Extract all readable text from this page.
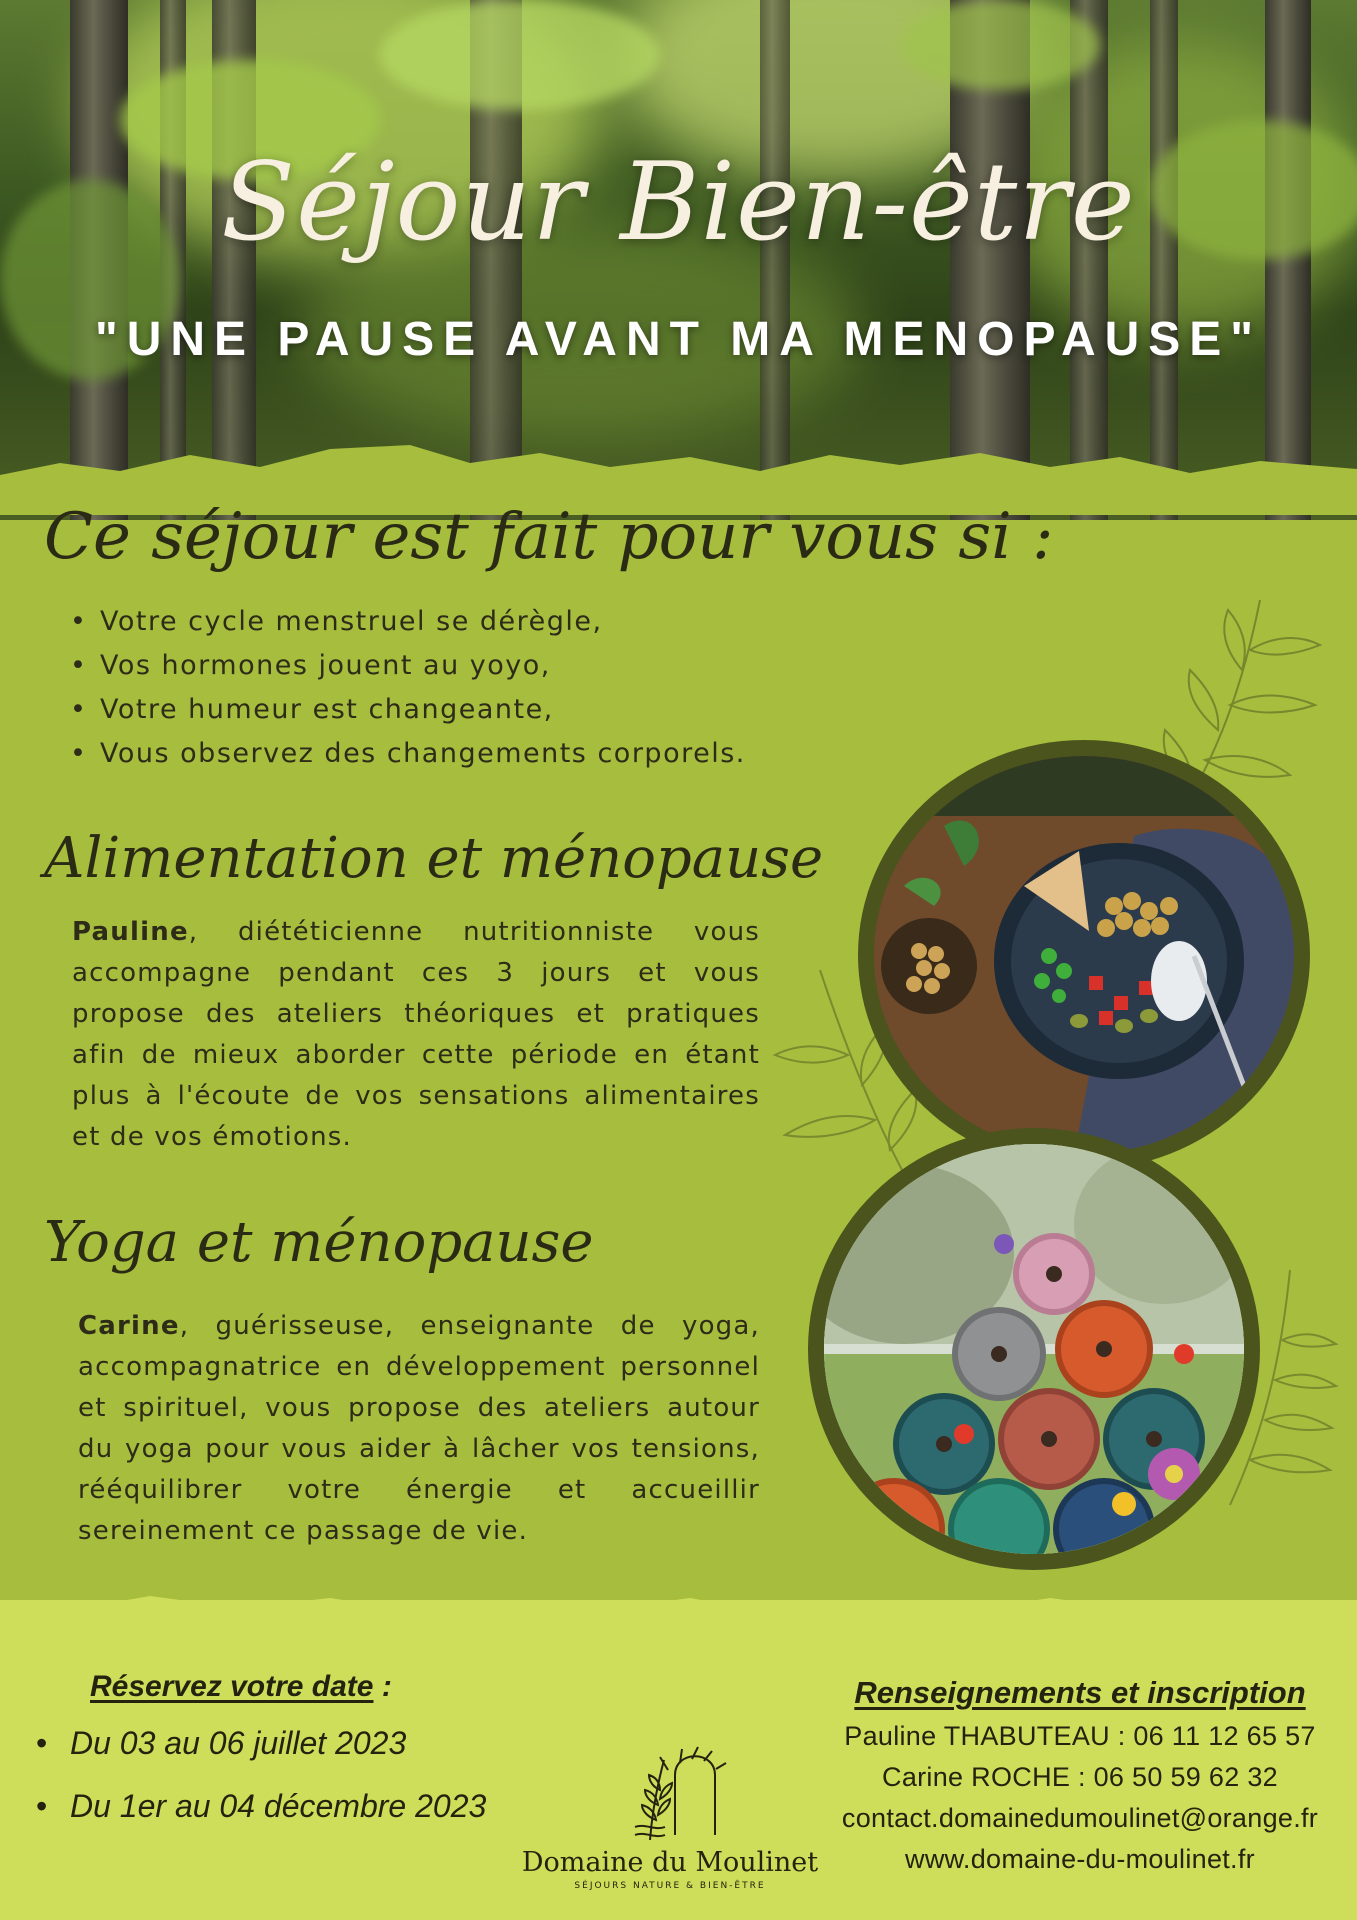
Séjour Bien-être
"UNE PAUSE AVANT MA MENOPAUSE"
Ce séjour est fait pour vous si :
• Votre cycle menstruel se dérègle,
• Vos hormones jouent au yoyo,
• Votre humeur est changeante,
• Vous observez des changements corporels.
Alimentation et ménopause
Pauline, diététicienne nutritionniste vous accompagne pendant ces 3 jours et vous propose des ateliers théoriques et pratiques afin de mieux aborder cette période en étant plus à l'écoute de vos sensations alimentaires et de vos émotions.
Yoga et ménopause
Carine, guérisseuse, enseignante de yoga, accompagnatrice en développement personnel et spirituel, vous propose des ateliers autour du yoga pour vous aider à lâcher vos tensions, rééquilibrer votre énergie et accueillir sereinement ce passage de vie.
Réservez votre date :
• Du 03 au 06 juillet 2023
• Du 1er au 04 décembre 2023
Domaine du Moulinet
SÉJOURS NATURE & BIEN-ÊTRE
Renseignements et inscription
Pauline THABUTEAU : 06 11 12 65 57
Carine ROCHE : 06 50 59 62 32
contact.domainedumoulinet@orange.fr
www.domaine-du-moulinet.fr
